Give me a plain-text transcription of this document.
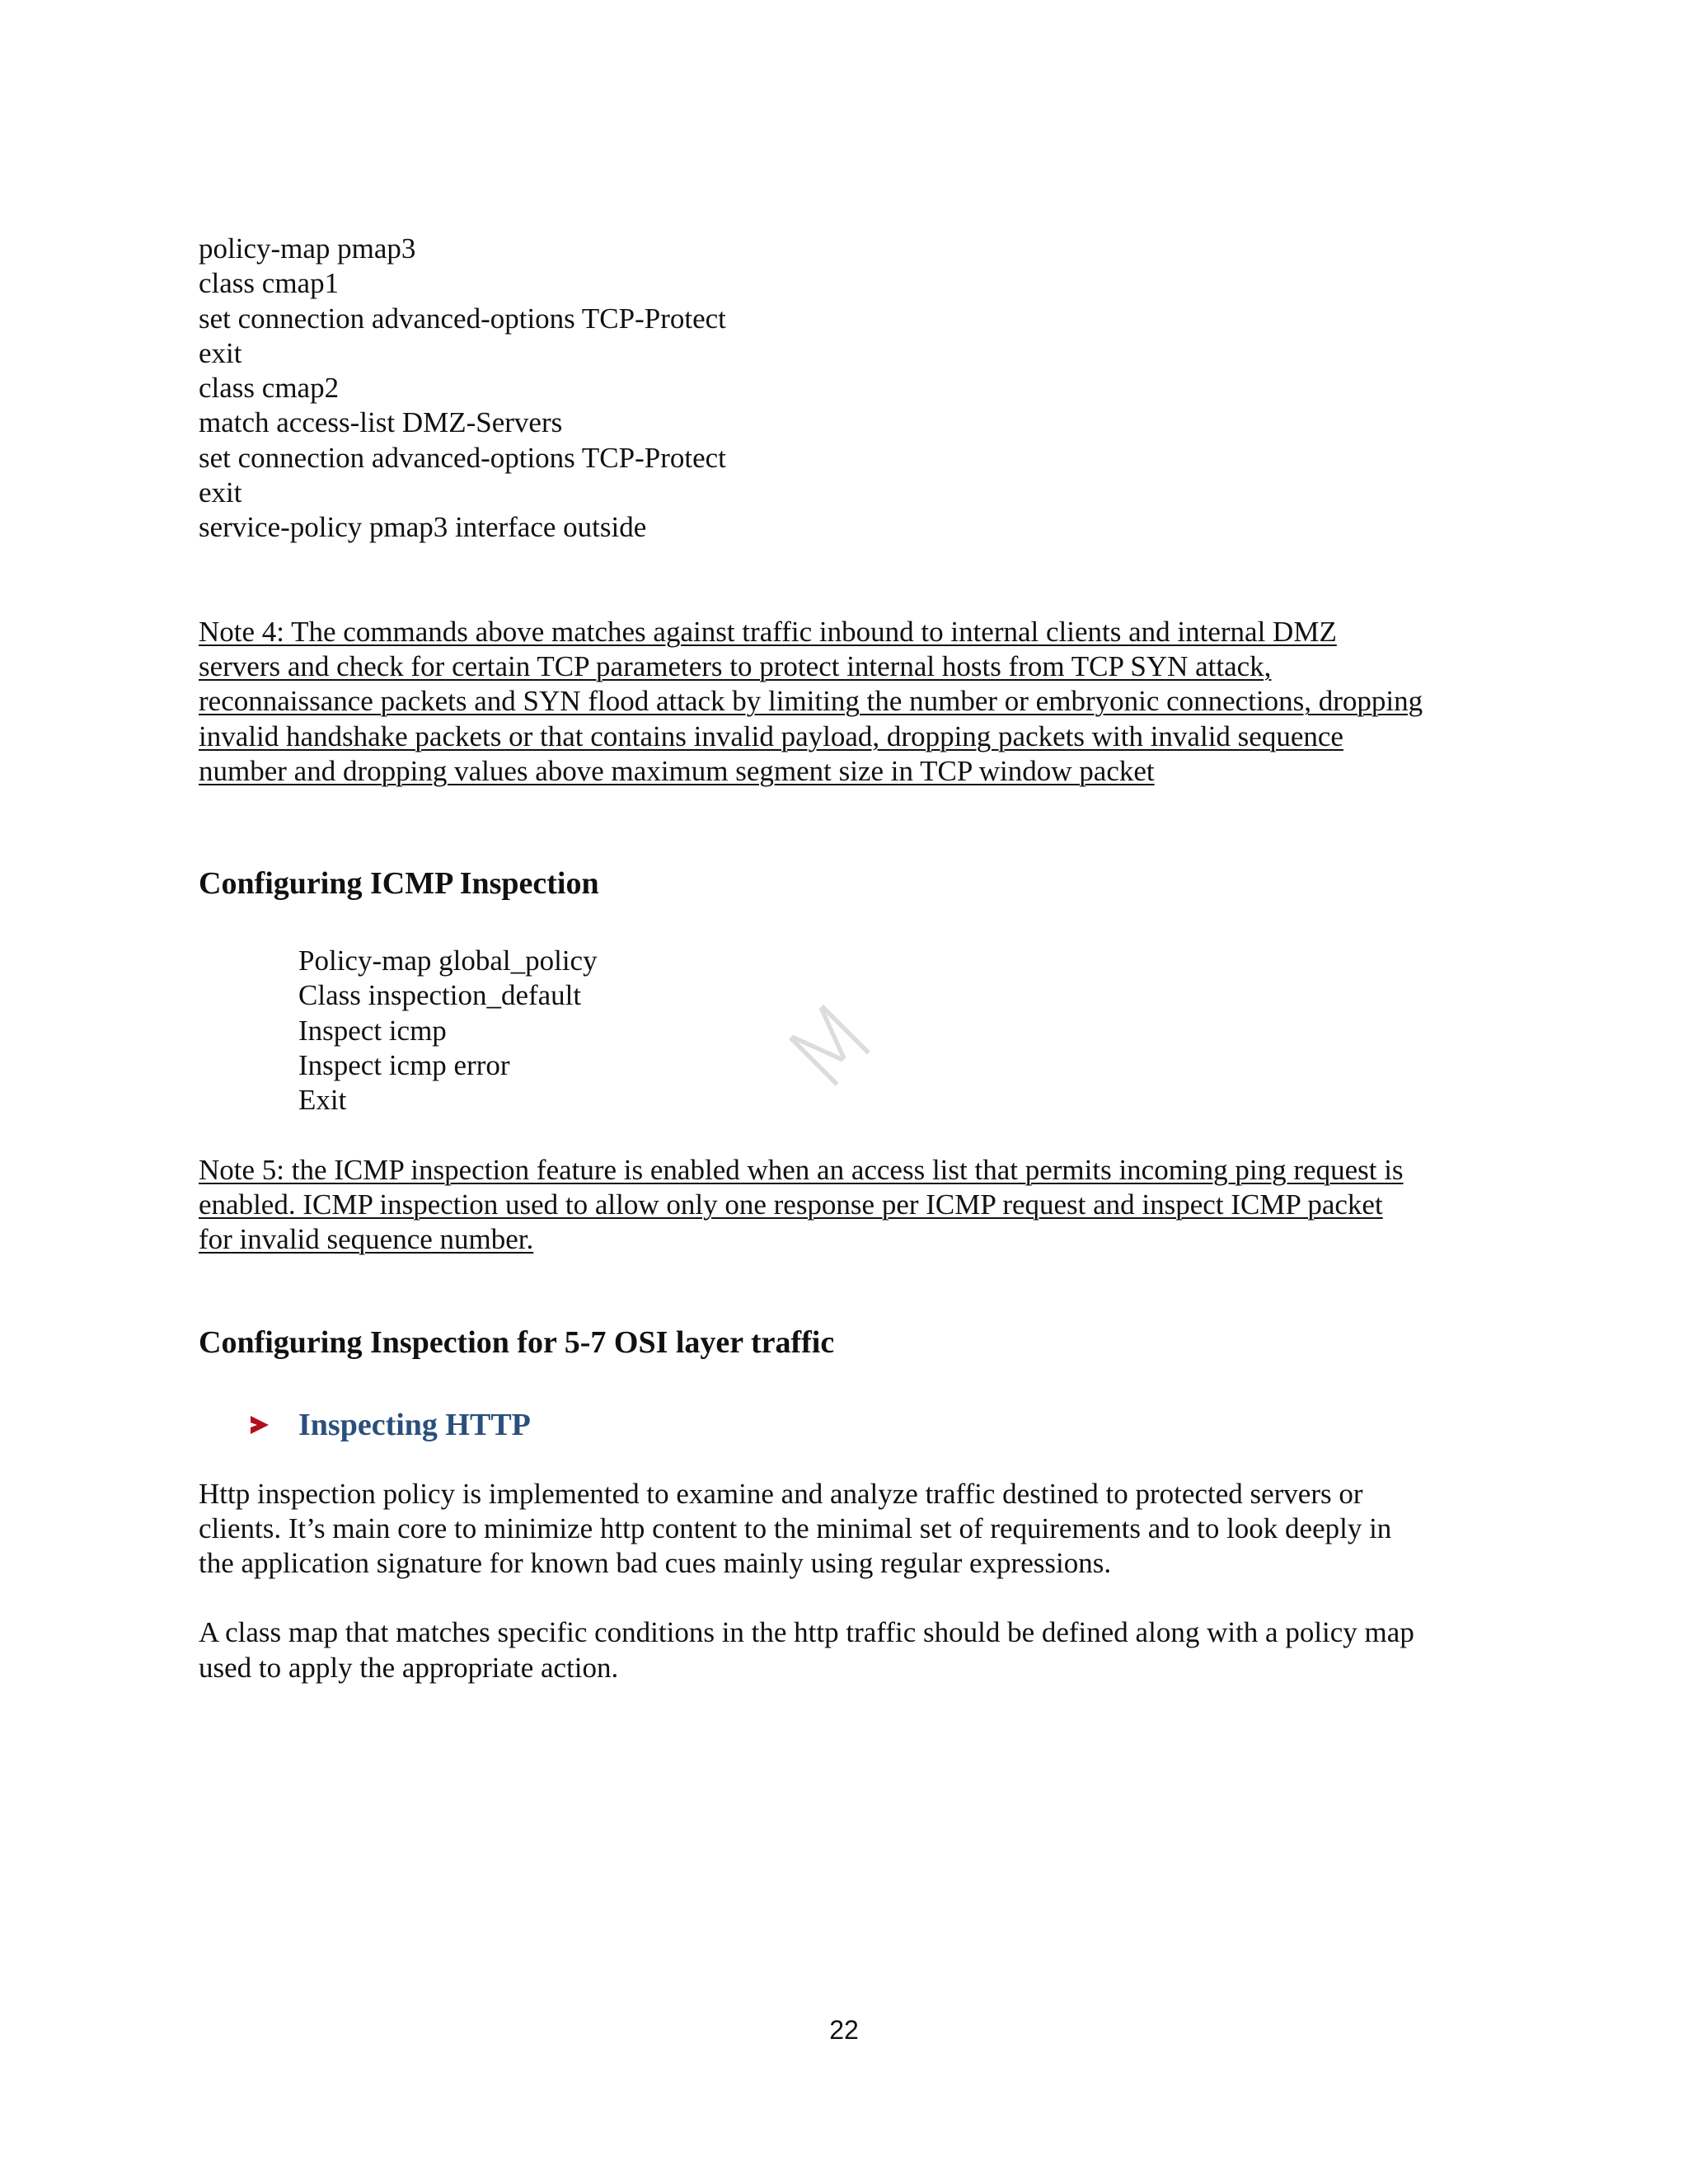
M

policy-map pmap3

class cmap1

set connection advanced-options TCP-Protect

exit

class cmap2

match access-list DMZ-Servers

set connection advanced-options TCP-Protect

exit

service-policy pmap3 interface outside

Note 4: The commands above matches against traffic inbound to internal clients and internal DMZ

servers and check for certain TCP parameters to protect internal hosts from TCP SYN attack,

reconnaissance packets and SYN flood attack by limiting the number or embryonic connections, dropping

invalid handshake packets or that contains invalid payload, dropping packets with invalid sequence

number and dropping values above maximum segment size in TCP window packet

Configuring ICMP Inspection

Policy-map global_policy

Class inspection_default

Inspect icmp

Inspect icmp error

Exit

Note 5: the ICMP inspection feature is enabled when an access list that permits incoming ping request is

enabled. ICMP inspection used to allow only one response per ICMP request and inspect ICMP packet

for invalid sequence number.

Configuring Inspection for 5-7 OSI layer traffic
Inspecting HTTP

Http inspection policy is implemented to examine and analyze traffic destined to protected servers or

clients. It’s main core to minimize http content to the minimal set of requirements and to look deeply in

the application signature for known bad cues mainly using regular expressions.

A class map that matches specific conditions in the http traffic should be defined along with a policy map

used to apply the appropriate action.

22
